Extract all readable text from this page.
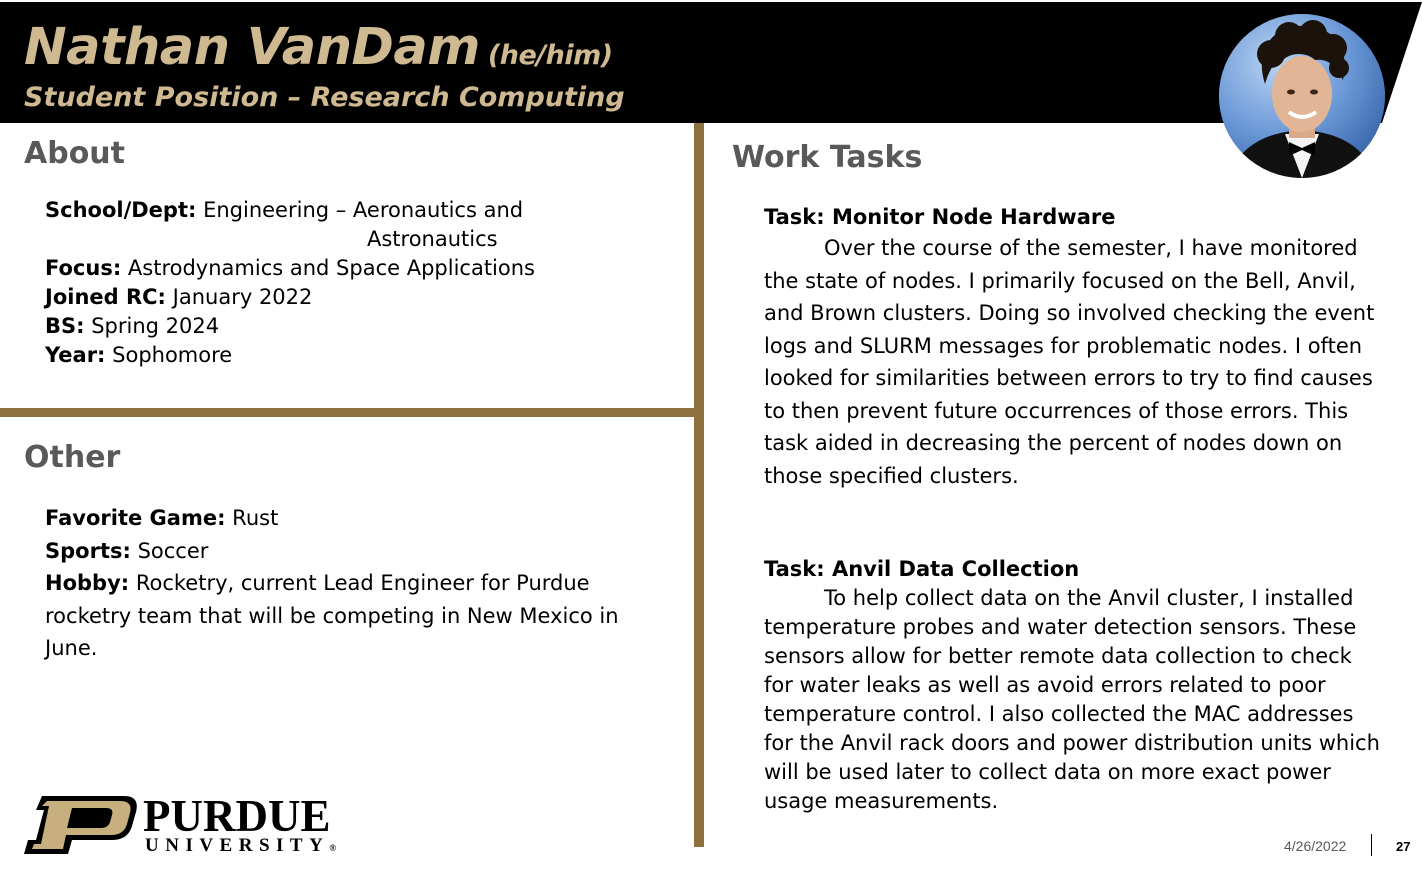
Nathan VanDam (he/him)
Student Position – Research Computing
About
School/Dept: Engineering – Aeronautics and
Astronautics
Focus: Astrodynamics and Space Applications
Joined RC: January 2022
BS: Spring 2024
Year: Sophomore
Other
Favorite Game: Rust
Sports: Soccer
Hobby: Rocketry, current Lead Engineer for Purdue rocketry team that will be competing in New Mexico in June.
Work Tasks
Task: Monitor Node Hardware
Over the course of the semester, I have monitored the state of nodes. I primarily focused on the Bell, Anvil, and Brown clusters. Doing so involved checking the event logs and SLURM messages for problematic nodes. I often looked for similarities between errors to try to find causes to then prevent future occurrences of those errors. This task aided in decreasing the percent of nodes down on those specified clusters.
Task: Anvil Data Collection
To help collect data on the Anvil cluster, I installed temperature probes and water detection sensors. These sensors allow for better remote data collection to check for water leaks as well as avoid errors related to poor temperature control. I also collected the MAC addresses for the Anvil rack doors and power distribution units which will be used later to collect data on more exact power usage measurements.
PURDUE
UNIVERSITY®	4/26/2022	27
